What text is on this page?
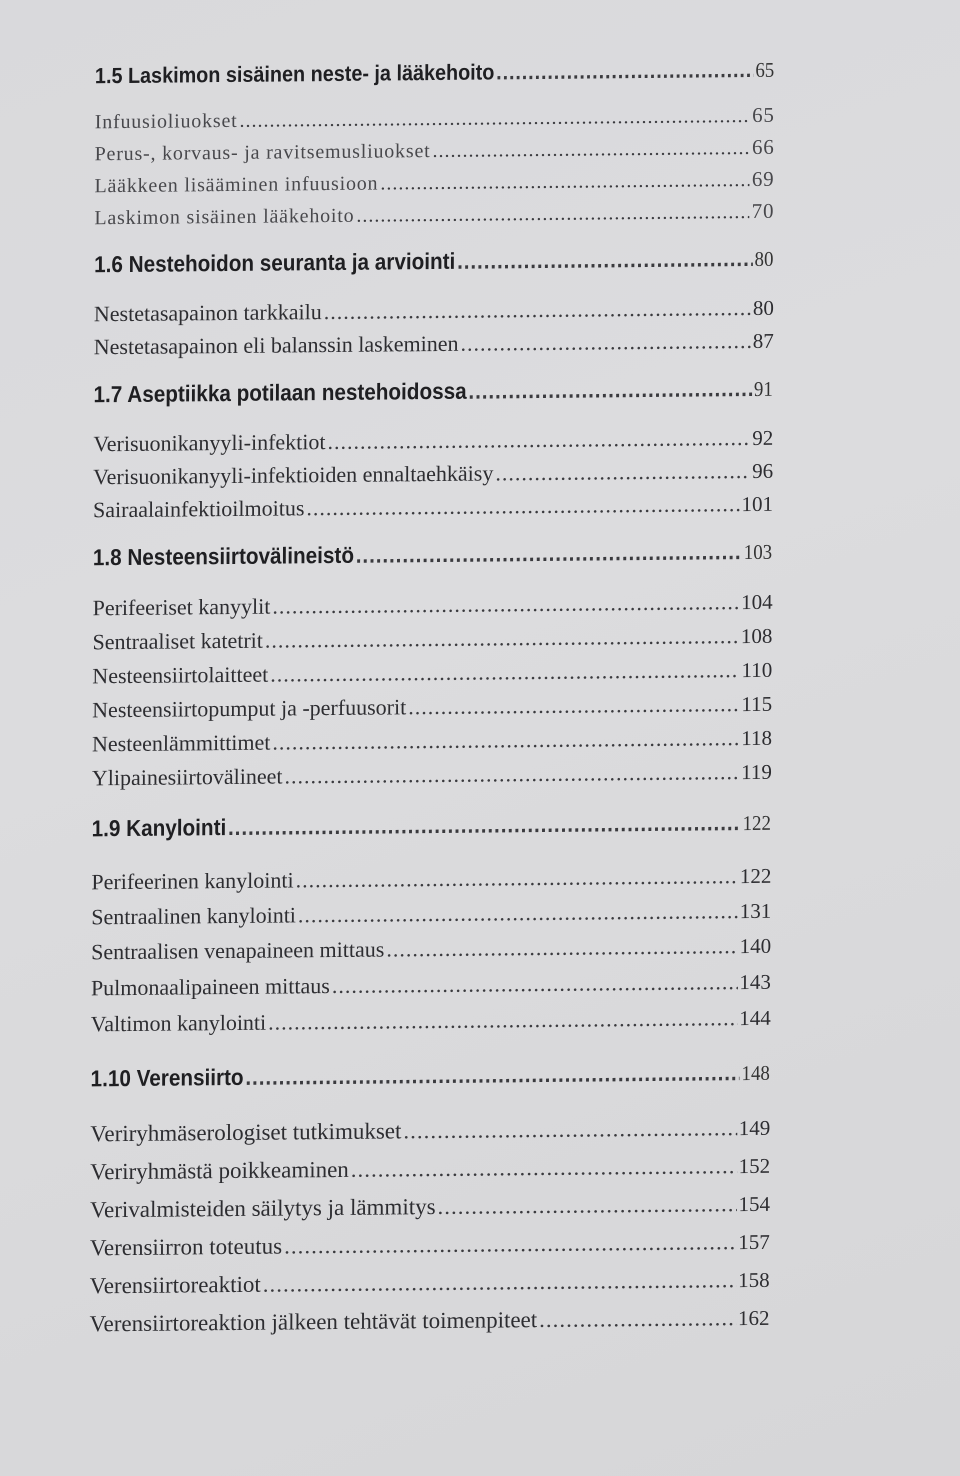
1.5 Laskimon sisäinen neste- ja lääkehoito .....	65
Infuusioliuokset .....	65
Perus-, korvaus- ja ravitsemusliuokset .....	66
Lääkkeen lisääminen infuusioon .....	69
Laskimon sisäinen lääkehoito .....	70
1.6 Nestehoidon seuranta ja arviointi .....	80
Nestetasapainon tarkkailu .....	80
Nestetasapainon eli balanssin laskeminen .....	87
1.7 Aseptiikka potilaan nestehoidossa .....	91
Verisuonikanyyli-infektiot .....	92
Verisuonikanyyli-infektioiden ennaltaehkäisy .....	96
Sairaalainfektioilmoitus .....	101
1.8 Nesteensiirtovälineistö .....	103
Perifeeriset kanyylit .....	104
Sentraaliset katetrit .....	108
Nesteensiirtolaitteet .....	110
Nesteensiirtopumput ja -perfuusorit .....	115
Nesteenlämmittimet .....	118
Ylipainesiirtovälineet .....	119
1.9 Kanylointi .....	122
Perifeerinen kanylointi .....	122
Sentraalinen kanylointi .....	131
Sentraalisen venapaineen mittaus .....	140
Pulmonaalipaineen mittaus .....	143
Valtimon kanylointi .....	144
1.10 Verensiirto .....	148
Veriryhmäserologiset tutkimukset .....	149
Veriryhmästä poikkeaminen .....	152
Verivalmisteiden säilytys ja lämmitys .....	154
Verensiirron toteutus .....	157
Verensiirtoreaktiot .....	158
Verensiirtoreaktion jälkeen tehtävät toimenpiteet .....	162
